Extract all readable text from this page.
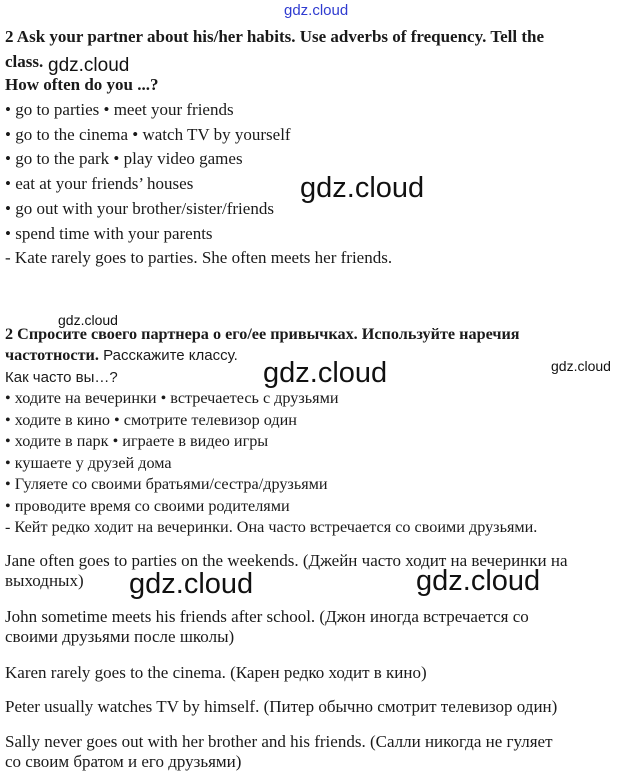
gdz.cloud
gdz.cloud
gdz.cloud
gdz.cloud
gdz.cloud
gdz.cloud
gdz.cloud	gdz.cloud
2 Ask your partner about his/her habits. Use adverbs of frequency. Tell the
class.
How often do you ...?
• go to parties • meet your friends
• go to the cinema • watch TV by yourself
• go to the park • play video games
• eat at your friends’ houses
• go out with your brother/sister/friends
• spend time with your parents
- Kate rarely goes to parties. She often meets her friends.
2 Спросите своего партнера о его/ее привычках. Используйте наречия
частотности. Расскажите классу.
Как часто вы…?
• ходите на вечеринки • встречаетесь с друзьями
• ходите в кино • смотрите телевизор один
• ходите в парк • играете в видео игры
• кушаете у друзей дома
• Гуляете со своими братьями/сестра/друзьями
• проводите время со своими родителями
- Кейт редко ходит на вечеринки. Она часто встречается со своими друзьями.
Jane often goes to parties on the weekends. (Джейн часто ходит на вечеринки на
выходных)
John sometime meets his friends after school. (Джон иногда встречается со
своими друзьями после школы)
Karen rarely goes to the cinema. (Карен редко ходит в кино)
Peter usually watches TV by himself. (Питер обычно смотрит телевизор один)
Sally never goes out with her brother and his friends. (Салли никогда не гуляет
со своим братом и его друзьями)
